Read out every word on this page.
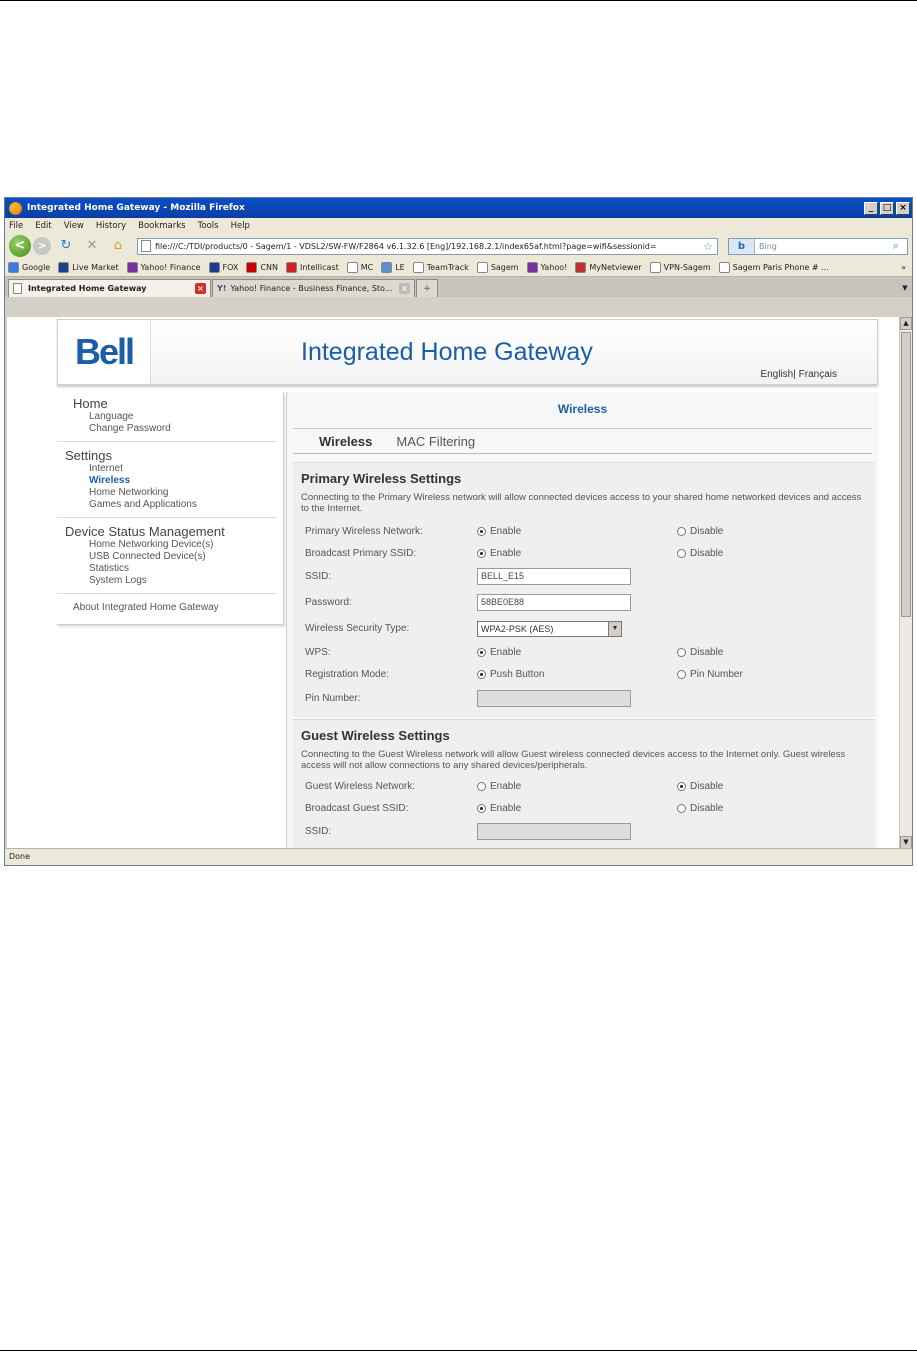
Integrated Home Gateway - Mozilla Firefox	_	□ ×
File Edit View History Bookmarks Tools Help
<	>	↻ ✕ ⌂	file:///C:/TDI/products/0 - Sagem/1 - VDSL2/SW-FW/F2864 v6.1.32.6 [Eng]/192.168.2.1/index65af.html?page=wifi&sessionid=	☆	b	Bing	⌕
Google	Live Market	Yahoo! Finance	FOX	CNN	Intellicast	MC	LE	TeamTrack	Sagem	Yahoo!	MyNetviewer	VPN-Sagem	Sagem Paris Phone # ...	»
Integrated Home Gateway	× Y! Yahoo! Finance - Business Finance, Sto... ×	+	▼
Bell	Integrated Home Gateway
English| Français
Home
Language
Change Password
Settings
Internet
Wireless
Home Networking
Games and Applications
Device Status Management
Home Networking Device(s)
USB Connected Device(s)
Statistics
System Logs
About Integrated Home Gateway
Wireless
Wireless MAC Filtering
Primary Wireless Settings
Connecting to the Primary Wireless network will allow connected devices access to your shared home networked devices and access to the Internet.
Primary Wireless Network:	Enable	Disable
Broadcast Primary SSID:	Enable	Disable
SSID:	BELL_E15
Password:	58BE0E88
Wireless Security Type:	WPA2-PSK (AES)	▼
WPS:	Enable	Disable
Registration Mode:	Push Button	Pin Number
Pin Number:
Guest Wireless Settings
Connecting to the Guest Wireless network will allow Guest wireless connected devices access to the Internet only. Guest wireless access will not allow connections to any shared devices/peripherals.
Guest Wireless Network:	Enable	Disable
Broadcast Guest SSID:	Enable	Disable
SSID:
▲
▼
Done
